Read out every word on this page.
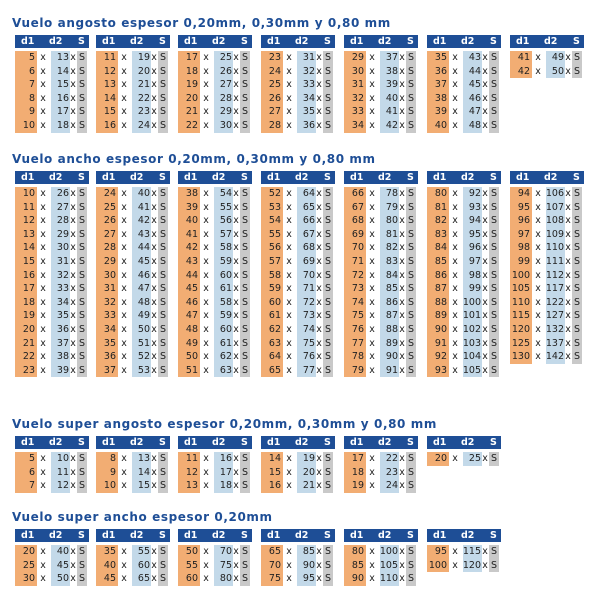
Vuelo angosto espesor 0,20mm, 0,30mm y 0,80 mm
d1 d2 S
5 x	13 x S
6 x	14 x S
7 x	15 x S
8 x	16 x S
9 x	17 x S
10 x	18 x S
d1 d2 S
11 x	19 x S
12 x	20 x S
13 x	21 x S
14 x	22 x S
15 x	23 x S
16 x	24 x S
d1 d2 S
17 x	25 x S
18 x	26 x S
19 x	27 x S
20 x	28 x S
21 x	29 x S
22 x	30 x S
d1 d2 S
23 x	31 x S
24 x	32 x S
25 x	33 x S
26 x	34 x S
27 x	35 x S
28 x	36 x S
d1 d2 S
29 x	37 x S
30 x	38 x S
31 x	39 x S
32 x	40 x S
33 x	41 x S
34 x	42 x S
d1 d2 S
35 x	43 x S
36 x	44 x S
37 x	45 x S
38 x	46 x S
39 x	47 x S
40 x	48 x S
d1 d2 S
41 x	49 x S
42 x	50 x S
Vuelo ancho espesor 0,20mm, 0,30mm y 0,80 mm
d1 d2 S
10 x	26 x S
11 x	27 x S
12 x	28 x S
13 x	29 x S
14 x	30 x S
15 x	31 x S
16 x	32 x S
17 x	33 x S
18 x	34 x S
19 x	35 x S
20 x	36 x S
21 x	37 x S
22 x	38 x S
23 x	39 x S
d1 d2 S
24 x	40 x S
25 x	41 x S
26 x	42 x S
27 x	43 x S
28 x	44 x S
29 x	45 x S
30 x	46 x S
31 x	47 x S
32 x	48 x S
33 x	49 x S
34 x	50 x S
35 x	51 x S
36 x	52 x S
37 x	53 x S
d1 d2 S
38 x	54 x S
39 x	55 x S
40 x	56 x S
41 x	57 x S
42 x	58 x S
43 x	59 x S
44 x	60 x S
45 x	61 x S
46 x	58 x S
47 x	59 x S
48 x	60 x S
49 x	61 x S
50 x	62 x S
51 x	63 x S
d1 d2 S
52 x	64 x S
53 x	65 x S
54 x	66 x S
55 x	67 x S
56 x	68 x S
57 x	69 x S
58 x	70 x S
59 x	71 x S
60 x	72 x S
61 x	73 x S
62 x	74 x S
63 x	75 x S
64 x	76 x S
65 x	77 x S
d1 d2 S
66 x	78 x S
67 x	79 x S
68 x	80 x S
69 x	81 x S
70 x	82 x S
71 x	83 x S
72 x	84 x S
73 x	85 x S
74 x	86 x S
75 x	87 x S
76 x	88 x S
77 x	89 x S
78 x	90 x S
79 x	91 x S
d1 d2 S
80 x	92 x S
81 x	93 x S
82 x	94 x S
83 x	95 x S
84 x	96 x S
85 x	97 x S
86 x	98 x S
87 x	99 x S
88 x 100 x S
89 x 101 x S
90 x 102 x S
91 x 103 x S
92 x 104 x S
93 x 105 x S
d1 d2 S
94 x 106 x S
95 x 107 x S
96 x 108 x S
97 x 109 x S
98 x 110 x S
99 x 111 x S
100 x 112 x S
105 x 117 x S
110 x 122 x S
115 x 127 x S
120 x 132 x S
125 x 137 x S
130 x 142 x S
Vuelo super angosto espesor 0,20mm, 0,30mm y 0,80 mm
d1 d2 S
5 x	10 x S
6 x	11 x S
7 x	12 x S
d1 d2 S
8 x	13 x S
9 x	14 x S
10 x	15 x S
d1 d2 S
11 x	16 x S
12 x	17 x S
13 x	18 x S
d1 d2 S
14 x	19 x S
15 x	20 x S
16 x	21 x S
d1 d2 S
17 x	22 x S
18 x	23 x S
19 x	24 x S
d1 d2 S
20 x	25 x S
Vuelo super ancho espesor 0,20mm
d1 d2 S
20 x	40 x S
25 x	45 x S
30 x	50 x S
d1 d2 S
35 x	55 x S
40 x	60 x S
45 x	65 x S
d1 d2 S
50 x	70 x S
55 x	75 x S
60 x	80 x S
d1 d2 S
65 x	85 x S
70 x	90 x S
75 x	95 x S
d1 d2 S
80 x 100 x S
85 x 105 x S
90 x 110 x S
d1 d2 S
95 x 115 x S
100 x 120 x S
